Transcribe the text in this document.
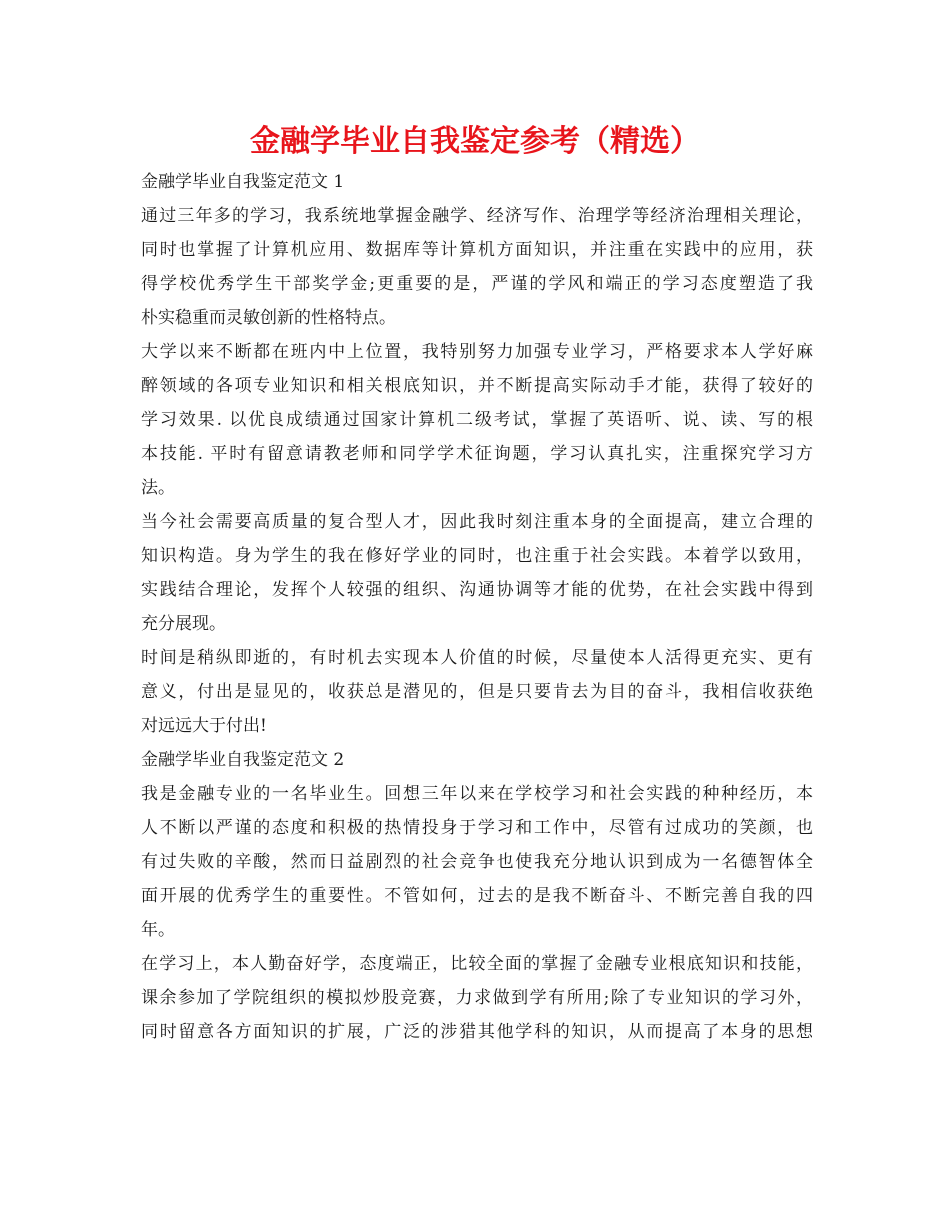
金融学毕业自我鉴定参考（精选）
金融学毕业自我鉴定范文 1
通过三年多的学习，我系统地掌握金融学、经济写作、治理学等经济治理相关理论，
同时也掌握了计算机应用、数据库等计算机方面知识，并注重在实践中的应用，获
得学校优秀学生干部奖学金;更重要的是，严谨的学风和端正的学习态度塑造了我
朴实稳重而灵敏创新的性格特点。
大学以来不断都在班内中上位置，我特别努力加强专业学习，严格要求本人学好麻
醉领域的各项专业知识和相关根底知识，并不断提高实际动手才能，获得了较好的
学习效果. 以优良成绩通过国家计算机二级考试，掌握了英语听、说、读、写的根
本技能. 平时有留意请教老师和同学学术征询题，学习认真扎实，注重探究学习方
法。
当今社会需要高质量的复合型人才，因此我时刻注重本身的全面提高，建立合理的
知识构造。身为学生的我在修好学业的同时，也注重于社会实践。本着学以致用，
实践结合理论，发挥个人较强的组织、沟通协调等才能的优势，在社会实践中得到
充分展现。
时间是稍纵即逝的，有时机去实现本人价值的时候，尽量使本人活得更充实、更有
意义，付出是显见的，收获总是潜见的，但是只要肯去为目的奋斗，我相信收获绝
对远远大于付出!
金融学毕业自我鉴定范文 2
我是金融专业的一名毕业生。回想三年以来在学校学习和社会实践的种种经历，本
人不断以严谨的态度和积极的热情投身于学习和工作中，尽管有过成功的笑颜，也
有过失败的辛酸，然而日益剧烈的社会竞争也使我充分地认识到成为一名德智体全
面开展的优秀学生的重要性。不管如何，过去的是我不断奋斗、不断完善自我的四
年。
在学习上，本人勤奋好学，态度端正，比较全面的掌握了金融专业根底知识和技能，
课余参加了学院组织的模拟炒股竞赛，力求做到学有所用;除了专业知识的学习外，
同时留意各方面知识的扩展，广泛的涉猎其他学科的知识，从而提高了本身的思想
